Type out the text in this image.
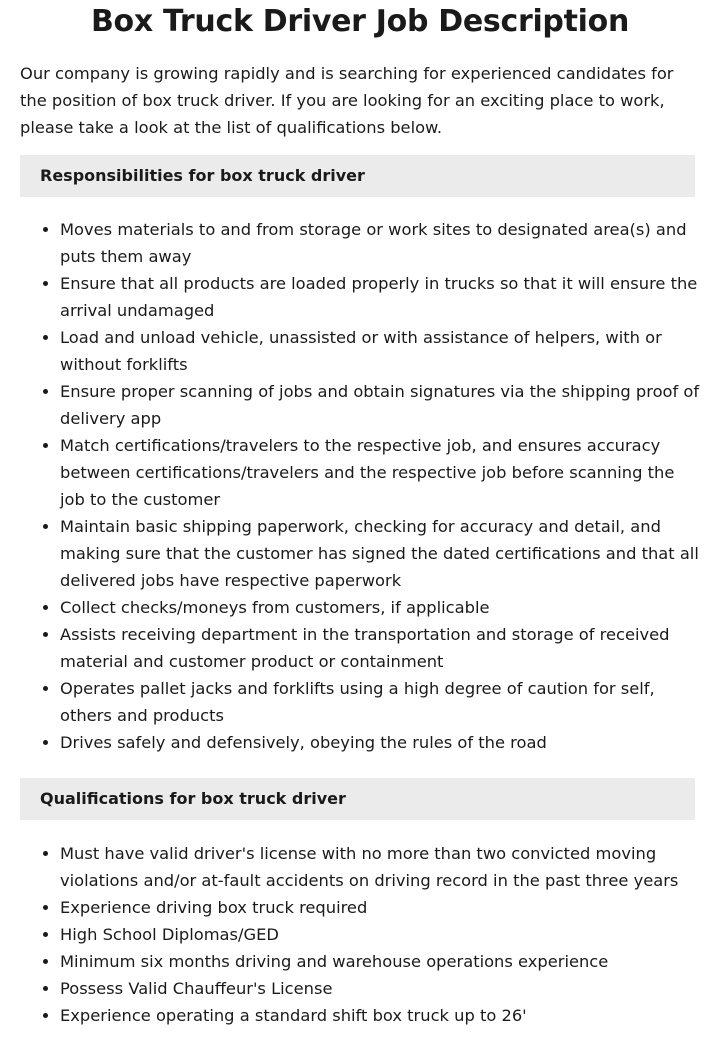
Box Truck Driver Job Description

Our company is growing rapidly and is searching for experienced candidates for the position of box truck driver. If you are looking for an exciting place to work, please take a look at the list of qualifications below.

Responsibilities for box truck driver
• Moves materials to and from storage or work sites to designated area(s) and puts them away
• Ensure that all products are loaded properly in trucks so that it will ensure the arrival undamaged
• Load and unload vehicle, unassisted or with assistance of helpers, with or without forklifts
• Ensure proper scanning of jobs and obtain signatures via the shipping proof of delivery app
• Match certifications/travelers to the respective job, and ensures accuracy between certifications/travelers and the respective job before scanning the job to the customer
• Maintain basic shipping paperwork, checking for accuracy and detail, and making sure that the customer has signed the dated certifications and that all delivered jobs have respective paperwork
• Collect checks/moneys from customers, if applicable
• Assists receiving department in the transportation and storage of received material and customer product or containment
• Operates pallet jacks and forklifts using a high degree of caution for self, others and products
• Drives safely and defensively, obeying the rules of the road
Qualifications for box truck driver
• Must have valid driver's license with no more than two convicted moving violations and/or at-fault accidents on driving record in the past three years
• Experience driving box truck required
• High School Diplomas/GED
• Minimum six months driving and warehouse operations experience
• Possess Valid Chauffeur's License
• Experience operating a standard shift box truck up to 26'
